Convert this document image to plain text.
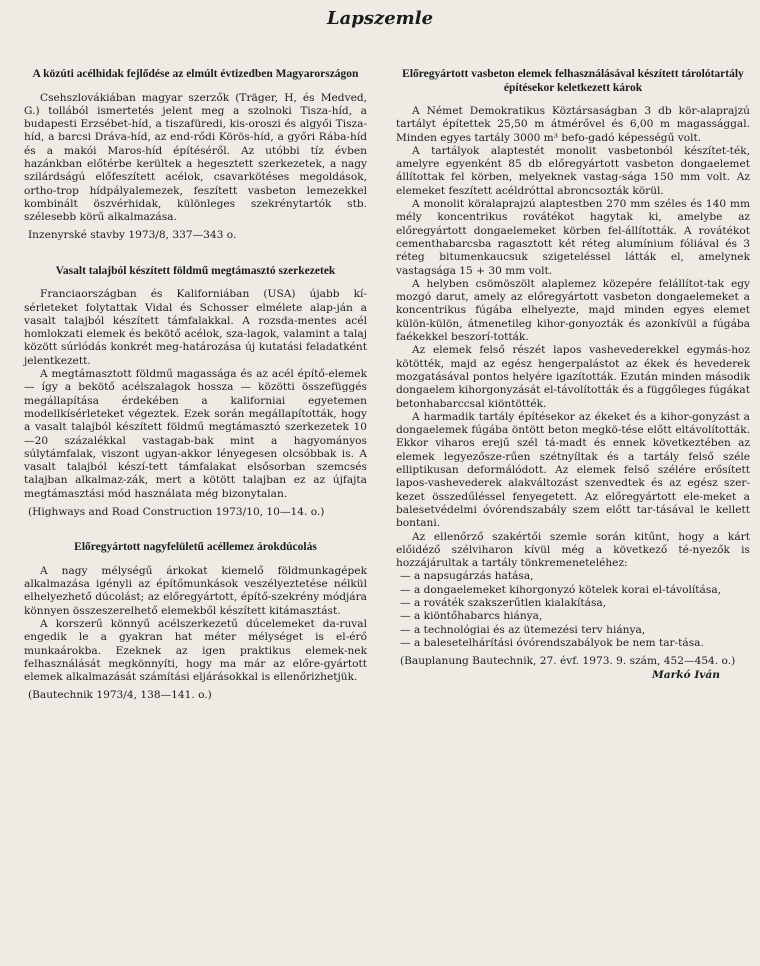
Lapszemle
A közúti acélhidak fejlődése az elmúlt évtizedben Magyarországon

Csehszlovákiában magyar szerzők (Träger, H, és Medved, G.) tollából ismertetés jelent meg a szolnoki Tisza-híd, a budapesti Erzsébet-híd, a tiszafüredi, kis-oroszi és algyői Tisza-híd, a barcsi Dráva-híd, az end-rődi Körös-híd, a győri Rába-híd és a makói Maros-híd építéséről. Az utóbbi tíz évben hazánkban előtérbe kerültek a hegesztett szerkezetek, a nagy szilárdságú előfeszített acélok, csavarkötéses megoldások, ortho-trop hídpályalemezek, feszített vasbeton lemezekkel kombinált öszvérhidak, különleges szekrénytartók stb. szélesebb körű alkalmazása.

Inzenyrské stavby 1973/8, 337—343 o.

Vasalt talajból készített földmű megtámasztó szerkezetek

Franciaországban és Kaliforniában (USA) újabb kí-sérleteket folytattak Vidal és Schosser elmélete alap-ján a vasalt talajból készített támfalakkal. A rozsda-mentes acél homlokzati elemek és bekötő acélok, sza-lagok, valamint a talaj között súrlódás konkrét meg-határozása új kutatási feladatként jelentkezett.

A megtámasztott földmű magassága és az acél építő-elemek — így a bekötő acélszalagok hossza — közötti összefüggés megállapítása érdekében a kaliforniai egyetemen modellkísérleteket végeztek. Ezek során megállapították, hogy a vasalt talajból készített földmű megtámasztó szerkezetek 10—20 százalékkal vastagab-bak mint a hagyományos súlytámfalak, viszont ugyan-akkor lényegesen olcsóbbak is. A vasalt talajból készí-tett támfalakat elsősorban szemcsés talajban alkalmaz-zák, mert a kötött talajban ez az újfajta megtámasztási mód használata még bizonytalan.

(Highways and Road Construction 1973/10, 10—14. o.)

Előregyártott nagyfelületű acéllemez árokdúcolás

A nagy mélységű árkokat kiemelő földmunkagépek alkalmazása igényli az építőmunkások veszélyeztetése nélkül elhelyezhető dúcolást; az előregyártott, építő-szekrény módjára könnyen összeszerelhető elemekből készített kitámasztást.

A korszerű könnyű acélszerkezetű dúcelemeket da-ruval engedik le a gyakran hat méter mélységet is el-érő munkaárokba. Ezeknek az igen praktikus elemek-nek felhasználását megkönnyíti, hogy ma már az előre-gyártott elemek alkalmazását számítási eljárásokkal is ellenőrizhetjük.

(Bautechnik 1973/4, 138—141. o.)

Előregyártott vasbeton elemek felhasználásával készített tárolótartály építésekor keletkezett károk

A Német Demokratikus Köztársaságban 3 db kör-alaprajzú tartályt építettek 25,50 m átmérővel és 6,00 m magassággal. Minden egyes tartály 3000 m³ befo-gadó képességű volt.

A tartályok alaptestét monolit vasbetonból készítet-ték, amelyre egyenként 85 db előregyártott vasbeton dongaelemet állítottak fel körben, melyeknek vastag-sága 150 mm volt. Az elemeket feszített acéldróttal abroncsozták körül.

A monolit köralaprajzú alaptestben 270 mm széles és 140 mm mély koncentrikus rovátékot hagytak ki, amelybe az előregyártott dongaelemeket körben fel-állították. A rovátékot cementhabarcsba ragasztott két réteg alumínium fóliával és 3 réteg bitumenkaucsuk szigeteléssel látták el, amelynek vastagsága 15 + 30 mm volt.

A helyben csömöszölt alaplemez közepére felállítot-tak egy mozgó darut, amely az előregyártott vasbeton dongaelemeket a koncentrikus fúgába elhelyezte, majd minden egyes elemet külön-külön, átmenetileg kihor-gonyozták és azonkívül a fúgába faékekkel beszorí-tották.

Az elemek felső részét lapos vashevederekkel egymás-hoz kötötték, majd az egész hengerpalástot az ékek és hevederek mozgatásával pontos helyére igazították. Ezután minden második dongaelem kihorgonyzását el-távolították és a függőleges fúgákat betonhabarccsal kiöntötték.

A harmadik tartály építésekor az ékeket és a kihor-gonyzást a dongaelemek fúgába öntött beton megkö-tése előtt eltávolították. Ekkor viharos erejű szél tá-madt és ennek következtében az elemek legyezősze-rűen szétnyíltak és a tartály felső széle elliptikusan deformálódott. Az elemek felső szélére erősített lapos-vashevederek alakváltozást szenvedtek és az egész szer-kezet összedűléssel fenyegetett. Az előregyártott ele-meket a balesetvédelmi óvórendszabály szem előtt tar-tásával le kellett bontani.

Az ellenőrző szakértői szemle során kitűnt, hogy a kárt előidéző szélviharon kívül még a következő té-nyezők is hozzájárultak a tartály tönkremeneteléhez:

— a napsugárzás hatása,
— a dongaelemeket kihorgonyzó kötelek korai el-távolítása,
— a rováték szakszerűtlen kialakítása,
— a kiöntőhabarcs hiánya,
— a technológiai és az ütemezési terv hiánya,
— a balesetelhárítási óvórendszabályok be nem tar-tása.

(Bauplanung Bautechnik, 27. évf. 1973. 9. szám, 452—454. o.)

Markó Iván
